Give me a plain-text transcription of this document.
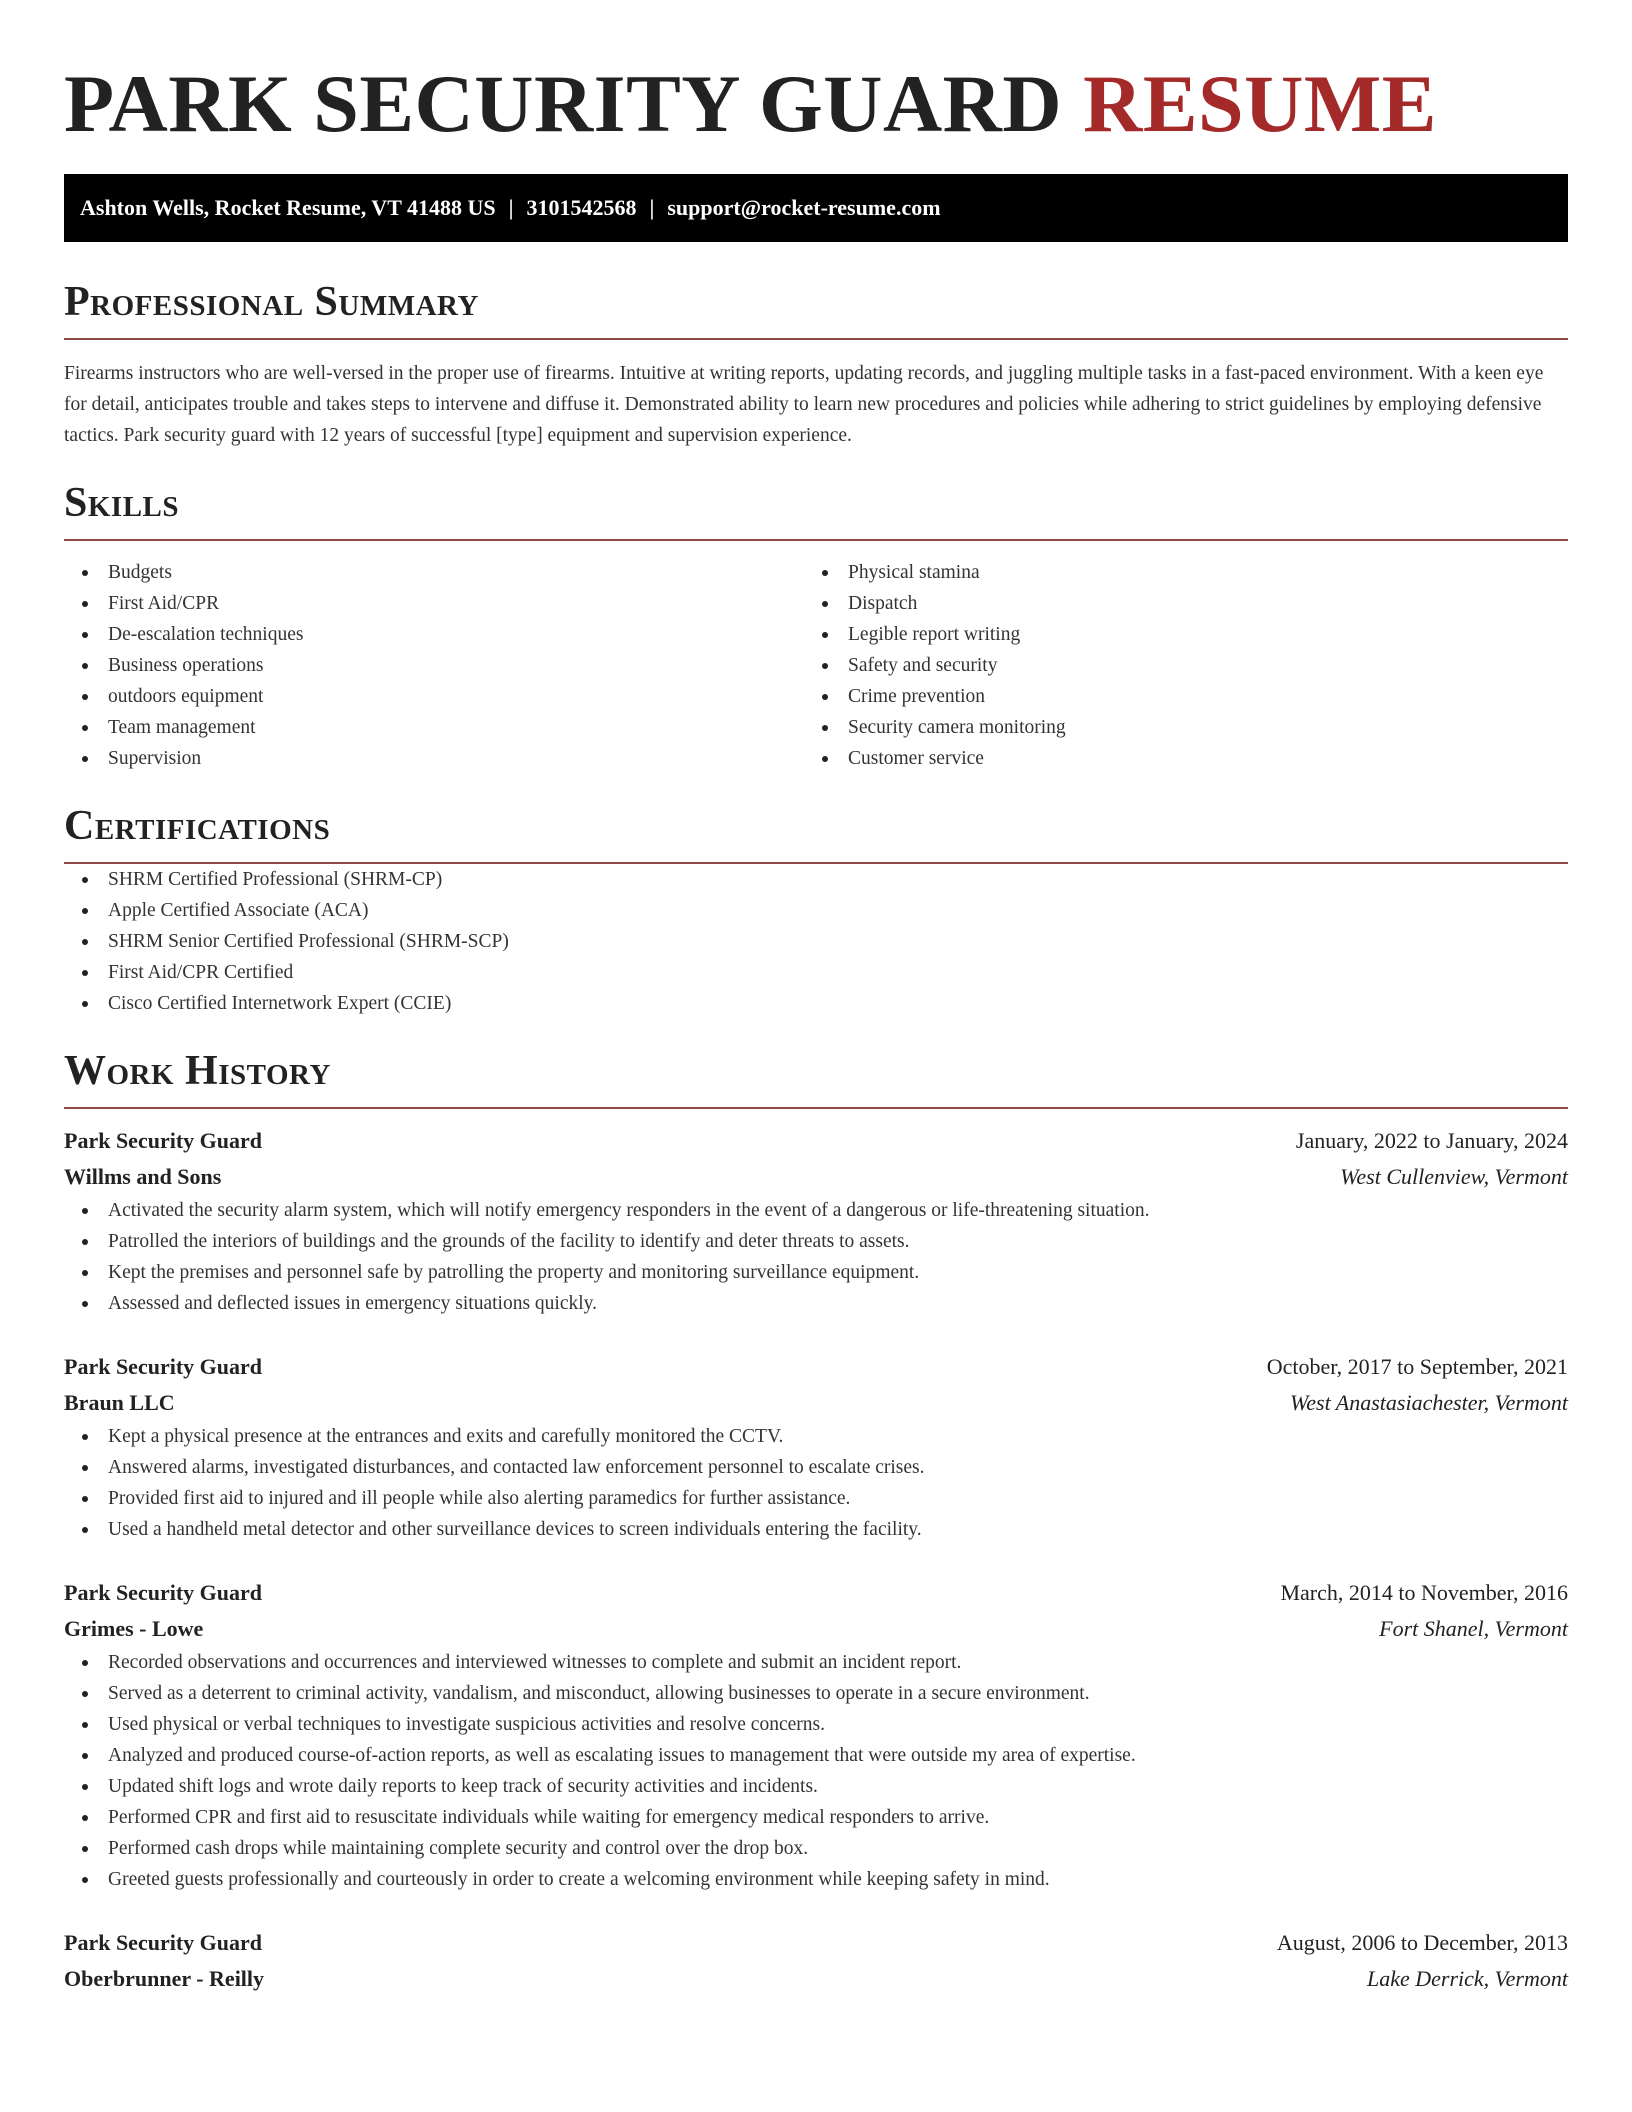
PARK SECURITY GUARD RESUME
Ashton Wells, Rocket Resume, VT 41488 US | 3101542568 | support@rocket-resume.com
Professional Summary

Firearms instructors who are well-versed in the proper use of firearms. Intuitive at writing reports, updating records, and juggling multiple tasks in a fast-paced environment. With a keen eye for detail, anticipates trouble and takes steps to intervene and diffuse it. Demonstrated ability to learn new procedures and policies while adhering to strict guidelines by employing defensive tactics. Park security guard with 12 years of successful [type] equipment and supervision experience.

Skills
Budgets
First Aid/CPR
De-escalation techniques
Business operations
outdoors equipment
Team management
Supervision
Physical stamina
Dispatch
Legible report writing
Safety and security
Crime prevention
Security camera monitoring
Customer service
Certifications
SHRM Certified Professional (SHRM-CP)
Apple Certified Associate (ACA)
SHRM Senior Certified Professional (SHRM-SCP)
First Aid/CPR Certified
Cisco Certified Internetwork Expert (CCIE)
Work History
Park Security Guard	January, 2022 to January, 2024
Willms and Sons	West Cullenview, Vermont
Activated the security alarm system, which will notify emergency responders in the event of a dangerous or life-threatening situation.
Patrolled the interiors of buildings and the grounds of the facility to identify and deter threats to assets.
Kept the premises and personnel safe by patrolling the property and monitoring surveillance equipment.
Assessed and deflected issues in emergency situations quickly.
Park Security Guard	October, 2017 to September, 2021
Braun LLC	West Anastasiachester, Vermont
Kept a physical presence at the entrances and exits and carefully monitored the CCTV.
Answered alarms, investigated disturbances, and contacted law enforcement personnel to escalate crises.
Provided first aid to injured and ill people while also alerting paramedics for further assistance.
Used a handheld metal detector and other surveillance devices to screen individuals entering the facility.
Park Security Guard	March, 2014 to November, 2016
Grimes - Lowe	Fort Shanel, Vermont
Recorded observations and occurrences and interviewed witnesses to complete and submit an incident report.
Served as a deterrent to criminal activity, vandalism, and misconduct, allowing businesses to operate in a secure environment.
Used physical or verbal techniques to investigate suspicious activities and resolve concerns.
Analyzed and produced course-of-action reports, as well as escalating issues to management that were outside my area of expertise.
Updated shift logs and wrote daily reports to keep track of security activities and incidents.
Performed CPR and first aid to resuscitate individuals while waiting for emergency medical responders to arrive.
Performed cash drops while maintaining complete security and control over the drop box.
Greeted guests professionally and courteously in order to create a welcoming environment while keeping safety in mind.
Park Security Guard	August, 2006 to December, 2013
Oberbrunner - Reilly	Lake Derrick, Vermont
